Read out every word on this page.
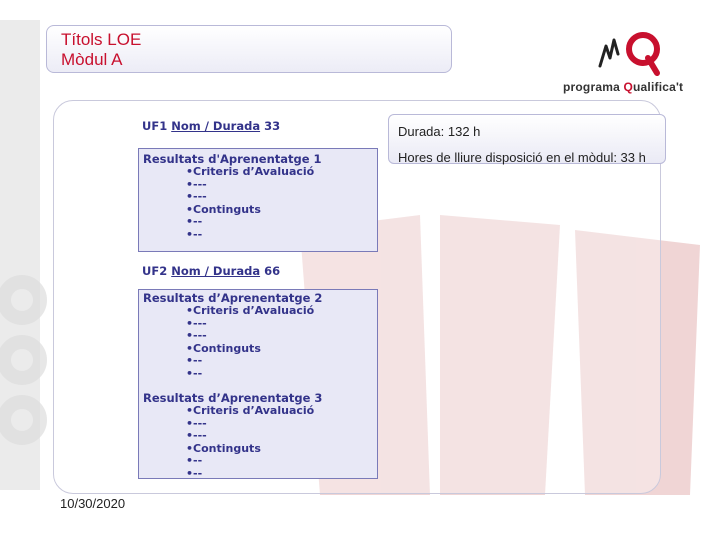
Títols LOE
Mòdul A
programa Qualifica't
Durada: 132 h
Hores de lliure disposició en el mòdul: 33 h
UF1 Nom / Durada 33
Resultats d'Aprenentatge 1
•Criteris d’Avaluació
•---
•---
•Continguts
•--
•--
UF2 Nom / Durada 66
Resultats d’Aprenentatge 2
•Criteris d’Avaluació
•---
•---
•Continguts
•--
•--
Resultats d’Aprenentatge 3
•Criteris d’Avaluació
•---
•---
•Continguts
•--
•--
10/30/2020
